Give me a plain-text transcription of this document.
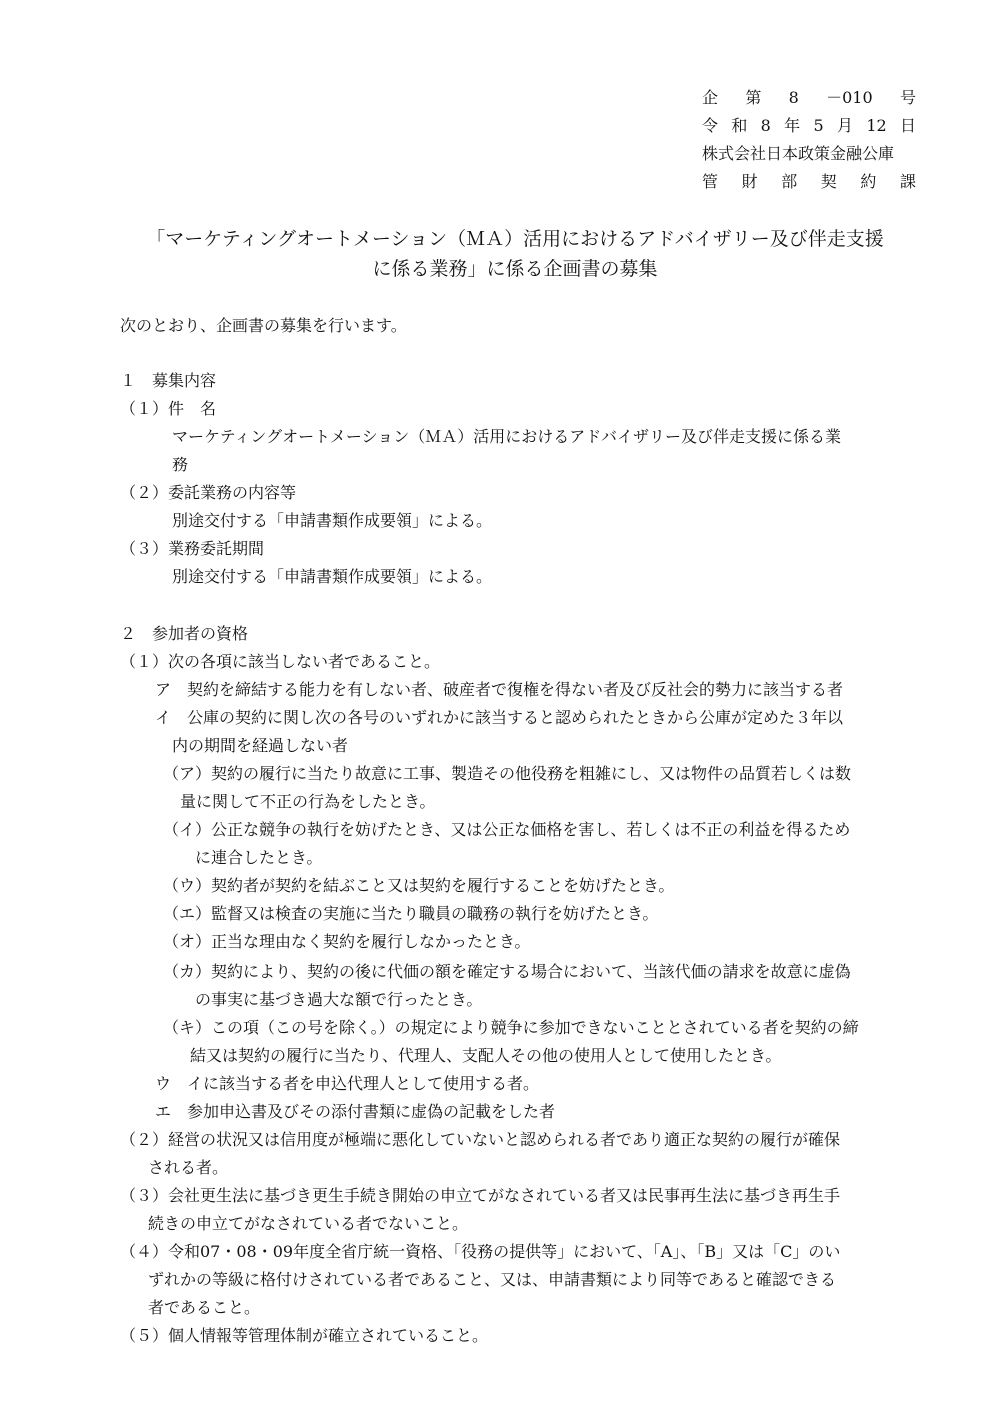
企 第 8 －010 号
令 和 8 年 5 月 12 日
株式会社日本政策金融公庫
管 財 部 契 約 課
「マーケティングオートメーション（ＭＡ）活用におけるアドバイザリー及び伴走支援
に係る業務」に係る企画書の募集
次のとおり、企画書の募集を行います。
１　募集内容
（１）件　名
マーケティングオートメーション（ＭＡ）活用におけるアドバイザリー及び伴走支援に係る業
務
（２）委託業務の内容等
別途交付する「申請書類作成要領」による。
（３）業務委託期間
別途交付する「申請書類作成要領」による。
２　参加者の資格
（１）次の各項に該当しない者であること。
ア　契約を締結する能力を有しない者、破産者で復権を得ない者及び反社会的勢力に該当する者
イ　公庫の契約に関し次の各号のいずれかに該当すると認められたときから公庫が定めた３年以
内の期間を経過しない者
（ア）契約の履行に当たり故意に工事、製造その他役務を粗雑にし、又は物件の品質若しくは数
量に関して不正の行為をしたとき。
（イ）公正な競争の執行を妨げたとき、又は公正な価格を害し、若しくは不正の利益を得るため
に連合したとき。
（ウ）契約者が契約を結ぶこと又は契約を履行することを妨げたとき。
（エ）監督又は検査の実施に当たり職員の職務の執行を妨げたとき。
（オ）正当な理由なく契約を履行しなかったとき。
（カ）契約により、契約の後に代価の額を確定する場合において、当該代価の請求を故意に虚偽
の事実に基づき過大な額で行ったとき。
（キ）この項（この号を除く。）の規定により競争に参加できないこととされている者を契約の締
結又は契約の履行に当たり、代理人、支配人その他の使用人として使用したとき。
ウ　イに該当する者を申込代理人として使用する者。
エ　参加申込書及びその添付書類に虚偽の記載をした者
（２）経営の状況又は信用度が極端に悪化していないと認められる者であり適正な契約の履行が確保
される者。
（３）会社更生法に基づき更生手続き開始の申立てがなされている者又は民事再生法に基づき再生手
続きの申立てがなされている者でないこと。
（４）令和07・08・09年度全省庁統一資格、「役務の提供等」において、「A」、「B」又は「C」のい
ずれかの等級に格付けされている者であること、又は、申請書類により同等であると確認できる
者であること。
（５）個人情報等管理体制が確立されていること。
